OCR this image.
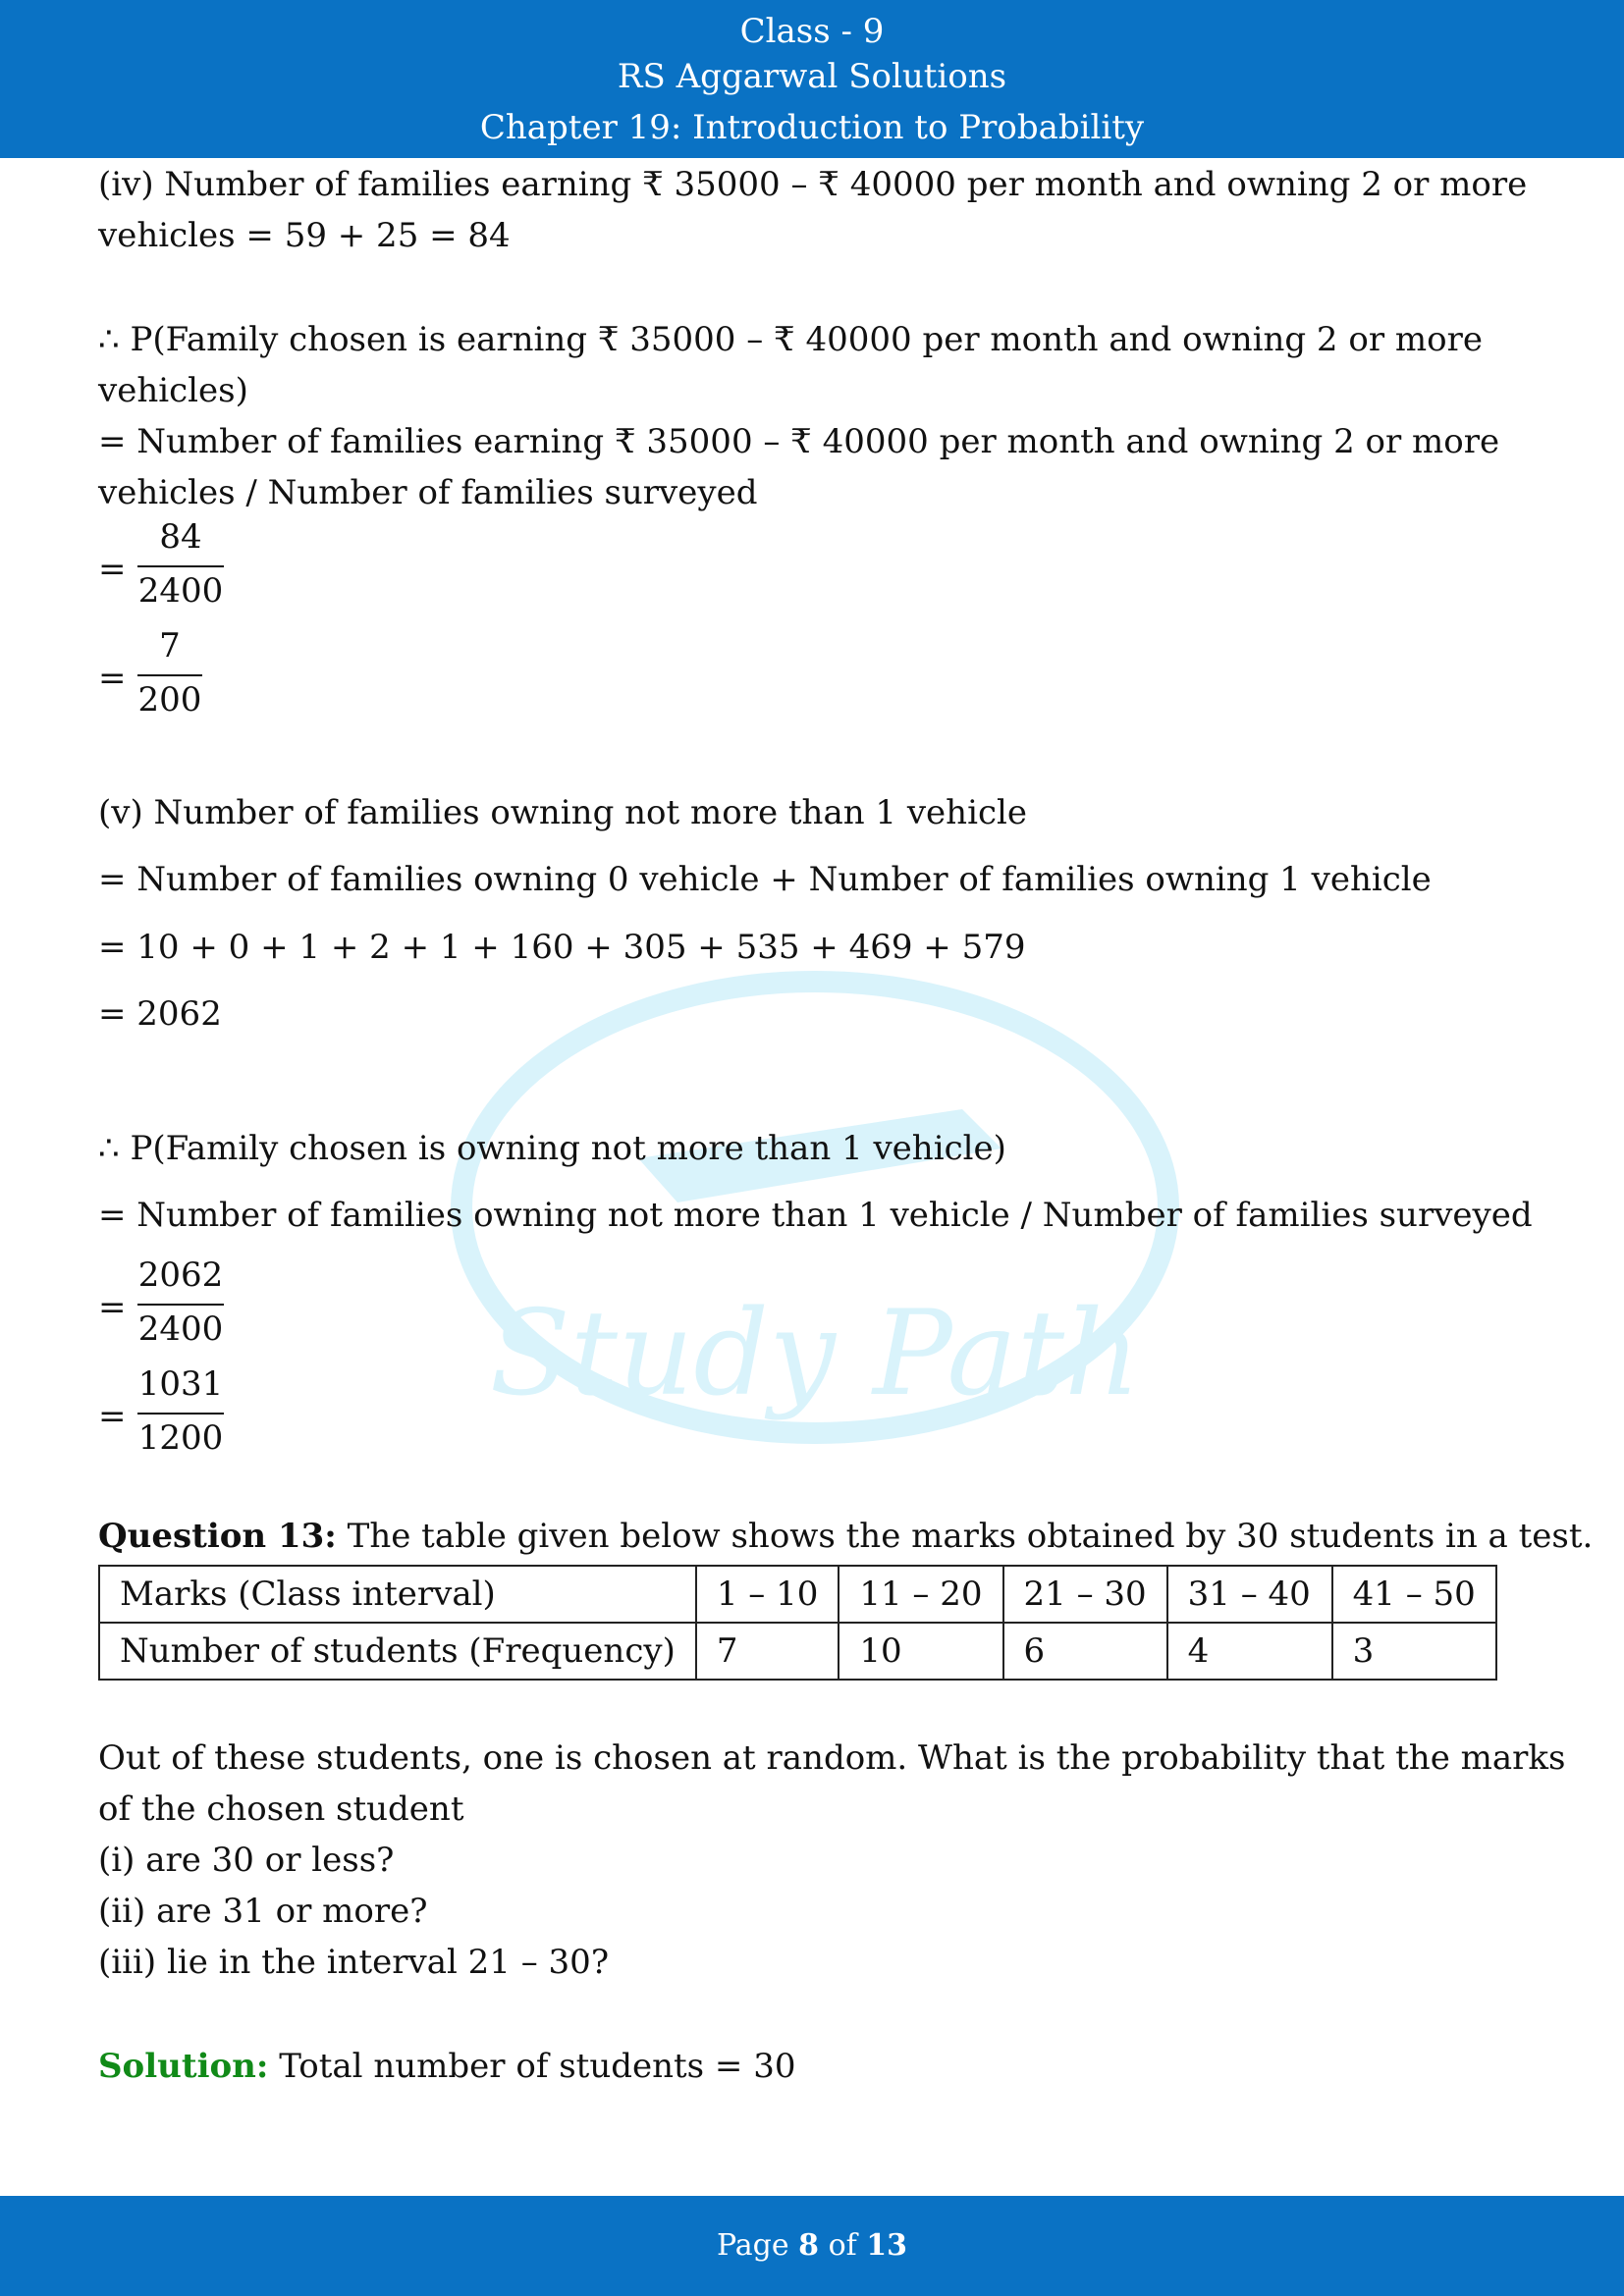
Class - 9
RS Aggarwal Solutions
Chapter 19: Introduction to Probability
Study Path
(iv) Number of families earning ₹ 35000 – ₹ 40000 per month and owning 2 or more
vehicles = 59 + 25 = 84
∴ P(Family chosen is earning ₹ 35000 – ₹ 40000 per month and owning 2 or more
vehicles)
= Number of families earning ₹ 35000 – ₹ 40000 per month and owning 2 or more
vehicles / Number of families surveyed
=
84
2400
=
7
200
(v) Number of families owning not more than 1 vehicle
= Number of families owning 0 vehicle + Number of families owning 1 vehicle
= 10 + 0 + 1 + 2 + 1 + 160 + 305 + 535 + 469 + 579
= 2062
∴ P(Family chosen is owning not more than 1 vehicle)
= Number of families owning not more than 1 vehicle / Number of families surveyed
=
2062
2400
=
1031
1200
Question 13: The table given below shows the marks obtained by 30 students in a test.
Marks (Class interval)	1 – 10	11 – 20	21 – 30	31 – 40	41 – 50
Number of students (Frequency)	7	10	6	4	3
Out of these students, one is chosen at random. What is the probability that the marks
of the chosen student
(i) are 30 or less?
(ii) are 31 or more?
(iii) lie in the interval 21 – 30?
Solution: Total number of students = 30
Page 8 of 13
